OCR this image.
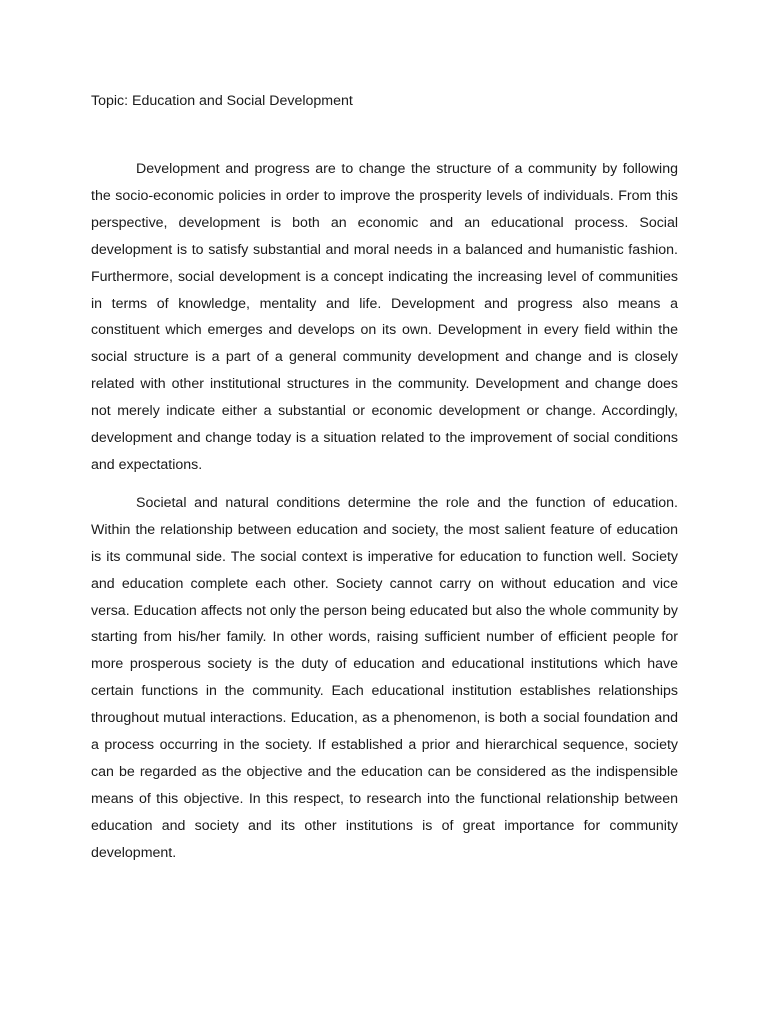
Topic: Education and Social Development

Development and progress are to change the structure of a community by following the socio-economic policies in order to improve the prosperity levels of individuals. From this perspective, development is both an economic and an educational process. Social development is to satisfy substantial and moral needs in a balanced and humanistic fashion. Furthermore, social development is a concept indicating the increasing level of communities in terms of knowledge, mentality and life. Development and progress also means a constituent which emerges and develops on its own. Development in every field within the social structure is a part of a general community development and change and is closely related with other institutional structures in the community. Development and change does not merely indicate either a substantial or economic development or change. Accordingly, development and change today is a situation related to the improvement of social conditions and expectations.

Societal and natural conditions determine the role and the function of education. Within the relationship between education and society, the most salient feature of education is its communal side. The social context is imperative for education to function well. Society and education complete each other. Society cannot carry on without education and vice versa. Education affects not only the person being educated but also the whole community by starting from his/her family. In other words, raising sufficient number of efficient people for more prosperous society is the duty of education and educational institutions which have certain functions in the community. Each educational institution establishes relationships throughout mutual interactions. Education, as a phenomenon, is both a social foundation and a process occurring in the society. If established a prior and hierarchical sequence, society can be regarded as the objective and the education can be considered as the indispensible means of this objective. In this respect, to research into the functional relationship between education and society and its other institutions is of great importance for community development.
